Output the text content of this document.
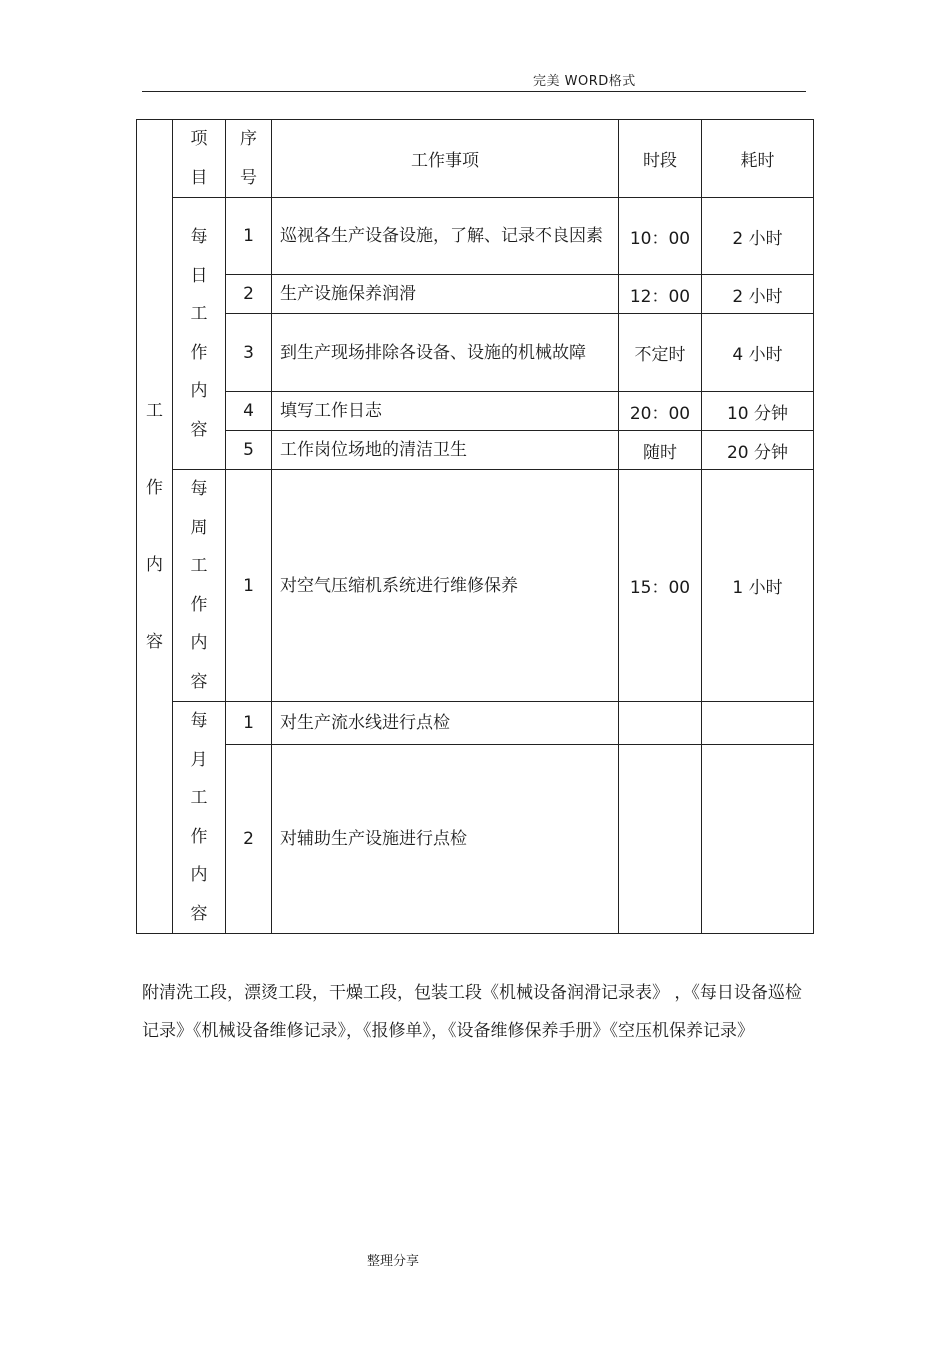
完美 WORD格式
工作内容	项目	序号	工作事项	时段	耗时
	每日工作内容	1	巡视各生产设备设施，了解、记录不良因素	10：00	2 小时
		2	生产设施保养润滑	12：00	2 小时
		3	到生产现场排除各设备、设施的机械故障	不定时	4 小时
		4	填写工作日志	20：00	10 分钟
		5	工作岗位场地的清洁卫生	随时	20 分钟
	每周工作内容	1	对空气压缩机系统进行维修保养	15：00	1 小时
	每月工作内容	1	对生产流水线进行点检		
		2	对辅助生产设施进行点检		
附清洗工段，漂烫工段，干燥工段，包装工段《机械设备润滑记录表》 ，《每日设备巡检记录》《机械设备维修记录》，《报修单》，《设备维修保养手册》《空压机保养记录》
整理分享
